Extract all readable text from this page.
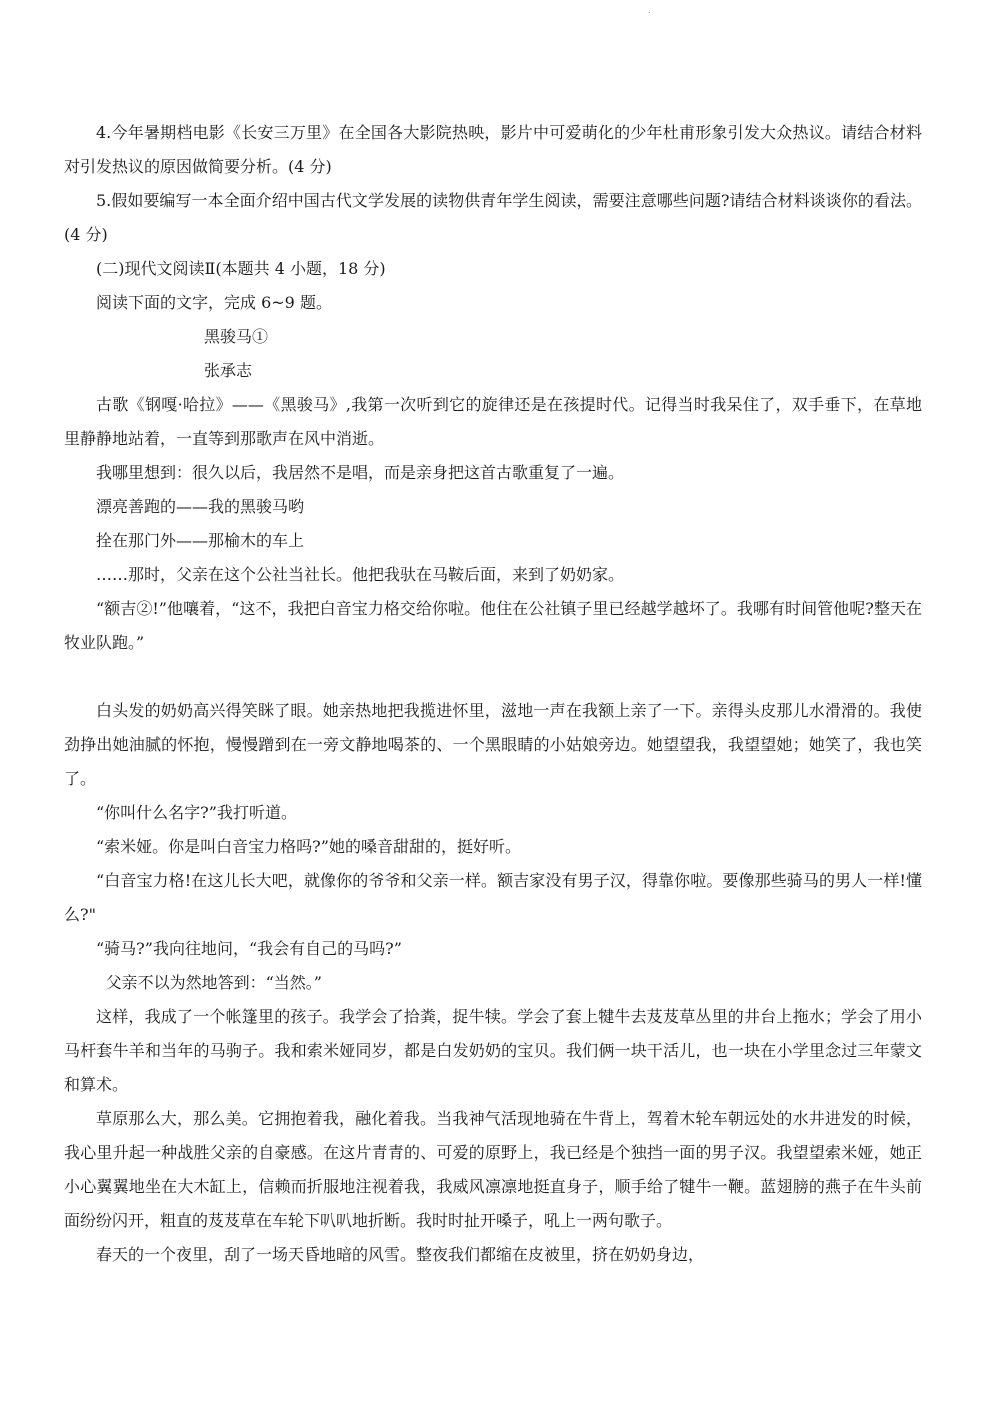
.

4.今年暑期档电影《长安三万里》在全国各大影院热映，影片中可爱萌化的少年杜甫形象引发大众热议。请结合材料对引发热议的原因做简要分析。(4 分)

5.假如要编写一本全面介绍中国古代文学发展的读物供青年学生阅读，需要注意哪些问题?请结合材料谈谈你的看法。(4 分)

(二)现代文阅读Ⅱ(本题共 4 小题，18 分)

阅读下面的文字，完成 6~9 题。

黑骏马①

张承志

古歌《钢嘎·哈拉》——《黑骏马》,我第一次听到它的旋律还是在孩提时代。记得当时我呆住了，双手垂下，在草地里静静地站着，一直等到那歌声在风中消逝。

我哪里想到：很久以后，我居然不是唱，而是亲身把这首古歌重复了一遍。

漂亮善跑的——我的黑骏马哟

拴在那门外——那榆木的车上

……那时，父亲在这个公社当社长。他把我驮在马鞍后面，来到了奶奶家。

“额吉②!”他嚷着，“这不，我把白音宝力格交给你啦。他住在公社镇子里已经越学越坏了。我哪有时间管他呢?整天在牧业队跑。”

白头发的奶奶高兴得笑眯了眼。她亲热地把我揽进怀里，滋地一声在我额上亲了一下。亲得头皮那儿水滑滑的。我使劲挣出她油腻的怀抱，慢慢蹭到在一旁文静地喝茶的、一个黑眼睛的小姑娘旁边。她望望我，我望望她；她笑了，我也笑了。

“你叫什么名字?”我打听道。

“索米娅。你是叫白音宝力格吗?”她的嗓音甜甜的，挺好听。

“白音宝力格!在这儿长大吧，就像你的爷爷和父亲一样。额吉家没有男子汉，得靠你啦。要像那些骑马的男人一样!懂么?"

“骑马?”我向往地问，“我会有自己的马吗?”

父亲不以为然地答到：“当然。”

这样，我成了一个帐篷里的孩子。我学会了拾粪，捉牛犊。学会了套上犍牛去芨芨草丛里的井台上拖水；学会了用小马杆套牛羊和当年的马驹子。我和索米娅同岁，都是白发奶奶的宝贝。我们俩一块干活儿，也一块在小学里念过三年蒙文和算术。

草原那么大，那么美。它拥抱着我，融化着我。当我神气活现地骑在牛背上，驾着木轮车朝远处的水井进发的时候，我心里升起一种战胜父亲的自豪感。在这片青青的、可爱的原野上，我已经是个独挡一面的男子汉。我望望索米娅，她正小心翼翼地坐在大木缸上，信赖而折服地注视着我，我威风凛凛地挺直身子，顺手给了犍牛一鞭。蓝翅膀的燕子在牛头前面纷纷闪开，粗直的芨芨草在车轮下叭叭地折断。我时时扯开嗓子，吼上一两句歌子。

春天的一个夜里，刮了一场天昏地暗的风雪。整夜我们都缩在皮被里，挤在奶奶身边，
